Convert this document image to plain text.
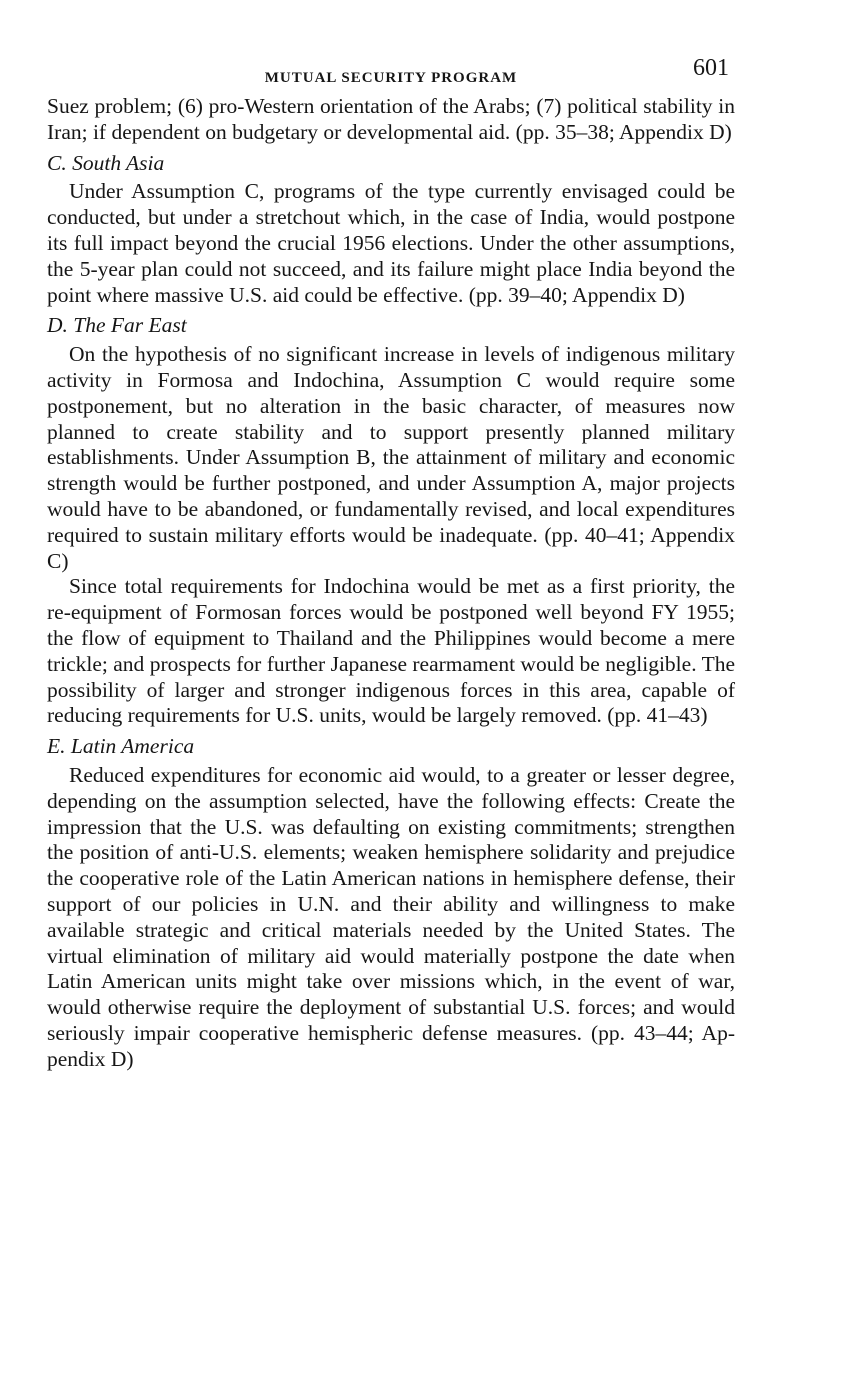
MUTUAL SECURITY PROGRAM	601

Suez problem; (6) pro-Western orientation of the Arabs; (7) political stability in Iran; if dependent on budgetary or developmental aid. (pp. 35–38; Appendix D)

C. South Asia

Under Assumption C, programs of the type currently envisaged could be conducted, but under a stretchout which, in the case of India, would postpone its full impact beyond the crucial 1956 elections. Under the other assumptions, the 5-year plan could not succeed, and its failure might place India beyond the point where massive U.S. aid could be effective. (pp. 39–40; Appendix D)

D. The Far East

On the hypothesis of no significant increase in levels of indigenous military activity in Formosa and Indochina, Assumption C would require some postponement, but no alteration in the basic character, of measures now planned to create stability and to support presently planned military establishments. Under Assumption B, the attainment of military and economic strength would be further postponed, and under Assumption A, major projects would have to be abandoned, or fundamentally revised, and local expenditures required to sustain military efforts would be inadequate. (pp. 40–41; Appendix C)

Since total requirements for Indochina would be met as a first priority, the re-equipment of Formosan forces would be postponed well beyond FY 1955; the flow of equipment to Thailand and the Philippines would become a mere trickle; and prospects for further Japanese rearmament would be negligible. The possibility of larger and stronger indigenous forces in this area, capable of reducing requirements for U.S. units, would be largely removed. (pp. 41–43)

E. Latin America

Reduced expenditures for economic aid would, to a greater or lesser degree, depending on the assumption selected, have the following effects: Create the impression that the U.S. was defaulting on existing commitments; strengthen the position of anti-U.S. elements; weaken hemisphere solidarity and prejudice the cooperative role of the Latin American nations in hemisphere defense, their support of our policies in U.N. and their ability and willingness to make available strategic and critical materials needed by the United States. The virtual elimination of military aid would materially postpone the date when Latin American units might take over missions which, in the event of war, would otherwise require the deployment of substantial U.S. forces; and would seriously impair cooperative hemispheric defense measures. (pp. 43–44; Appendix D)
